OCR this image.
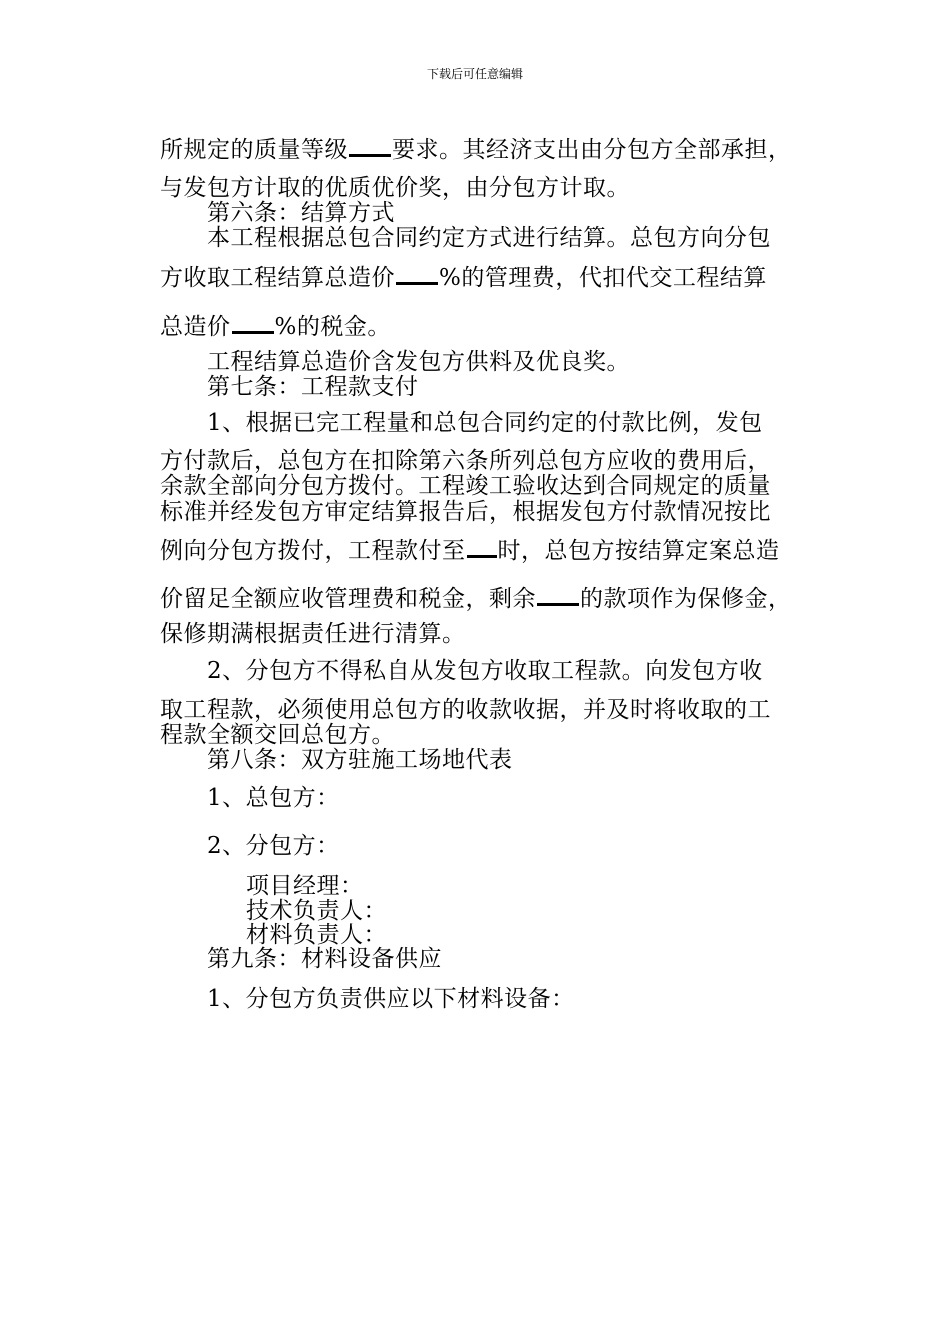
下载后可任意编辑
所规定的质量等级 要求。其经济支出由分包方全部承担，
与发包方计取的优质优价奖，由分包方计取。
第六条：结算方式
本工程根据总包合同约定方式进行结算。总包方向分包
方收取工程结算总造价 %的管理费，代扣代交工程结算
总造价 %的税金。
工程结算总造价含发包方供料及优良奖。
第七条：工程款支付
1、根据已完工程量和总包合同约定的付款比例，发包
方付款后，总包方在扣除第六条所列总包方应收的费用后，
余款全部向分包方拨付。工程竣工验收达到合同规定的质量
标准并经发包方审定结算报告后，根据发包方付款情况按比
例向分包方拨付，工程款付至 时，总包方按结算定案总造
价留足全额应收管理费和税金，剩余 的款项作为保修金，
保修期满根据责任进行清算。
2、分包方不得私自从发包方收取工程款。向发包方收
取工程款，必须使用总包方的收款收据，并及时将收取的工
程款全额交回总包方。
第八条：双方驻施工场地代表
1、总包方：
2、分包方：
项目经理：
技术负责人：
材料负责人：
第九条：材料设备供应
1、分包方负责供应以下材料设备：
